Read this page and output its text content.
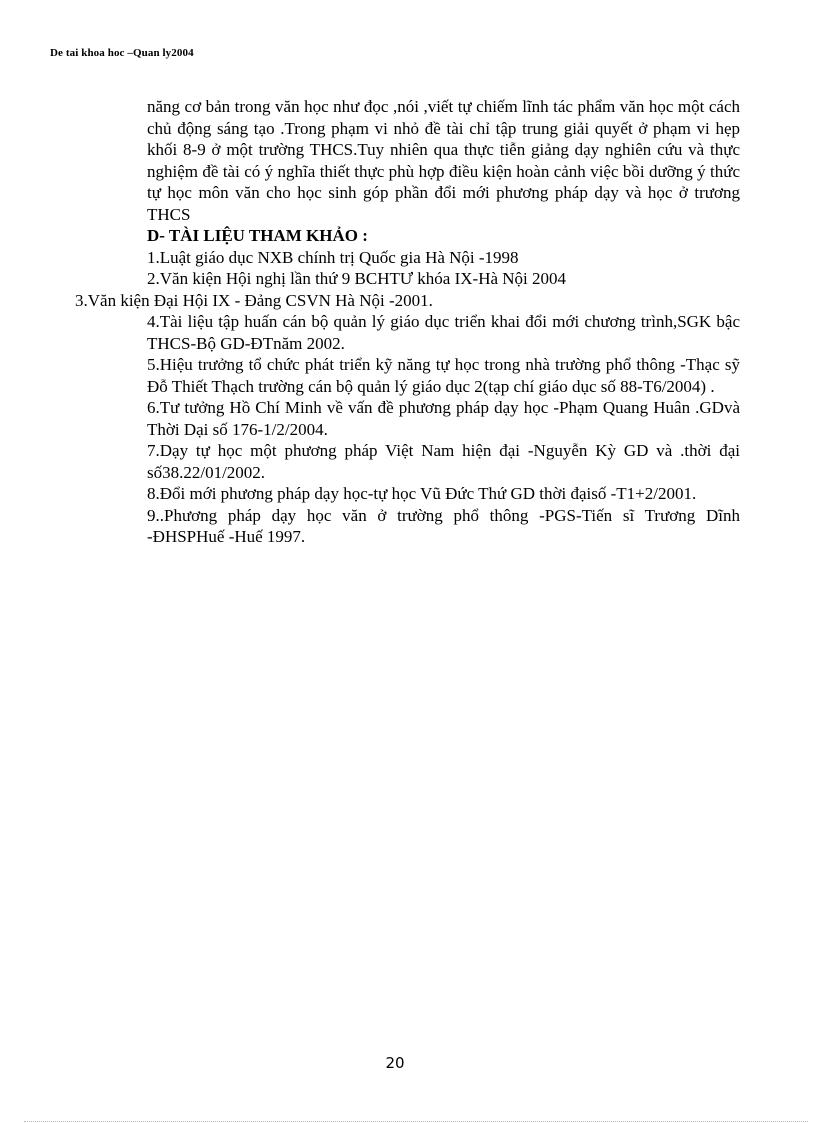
De tai khoa hoc –Quan ly2004

năng cơ bản trong văn học như đọc ,nói ,viết tự chiếm lĩnh tác phẩm văn học một cách chủ động sáng tạo .Trong phạm vi nhỏ đề tài chỉ tập trung giải quyết ở phạm vi hẹp khối 8-9 ở một trường THCS.Tuy nhiên qua thực tiễn giảng dạy nghiên cứu và thực nghiệm đề tài có ý nghĩa thiết thực phù hợp điều kiện hoàn cảnh việc bồi dưỡng ý thức tự học môn văn cho học sinh góp phần đổi mới phương pháp dạy và học ở trương THCS

D- TÀI LIỆU THAM KHẢO :

1.Luật giáo dục NXB chính trị Quốc gia Hà Nội -1998

2.Văn kiện Hội nghị lần thứ 9 BCHTƯ khóa IX-Hà Nội 2004

3.Văn kiện Đại Hội IX - Đảng CSVN Hà Nội -2001.

4.Tài liệu tập huấn cán bộ quản lý giáo dục triển khai đổi mới chương trình,SGK bậc THCS-Bộ GD-ĐTnăm 2002.

5.Hiệu trưởng tổ chức phát triển kỹ năng tự học trong nhà trường phổ thông -Thạc sỹ Đỗ Thiết Thạch trường cán bộ quản lý giáo dục 2(tạp chí giáo dục số 88-T6/2004) .

6.Tư tưởng Hồ Chí Minh về vấn đề phương pháp dạy học -Phạm Quang Huân .GDvà Thời Dại số 176-1/2/2004.

7.Dạy tự học một phương pháp Việt Nam hiện đại -Nguyễn Kỳ GD và .thời đại số38.22/01/2002.

8.Đổi mới phương pháp dạy học-tự học Vũ Đức Thứ GD thời đạisố -T1+2/2001.

9..Phương pháp dạy học văn ở trường phổ thông -PGS-Tiến sĩ Trương Dĩnh -ĐHSPHuế -Huế 1997.

20
